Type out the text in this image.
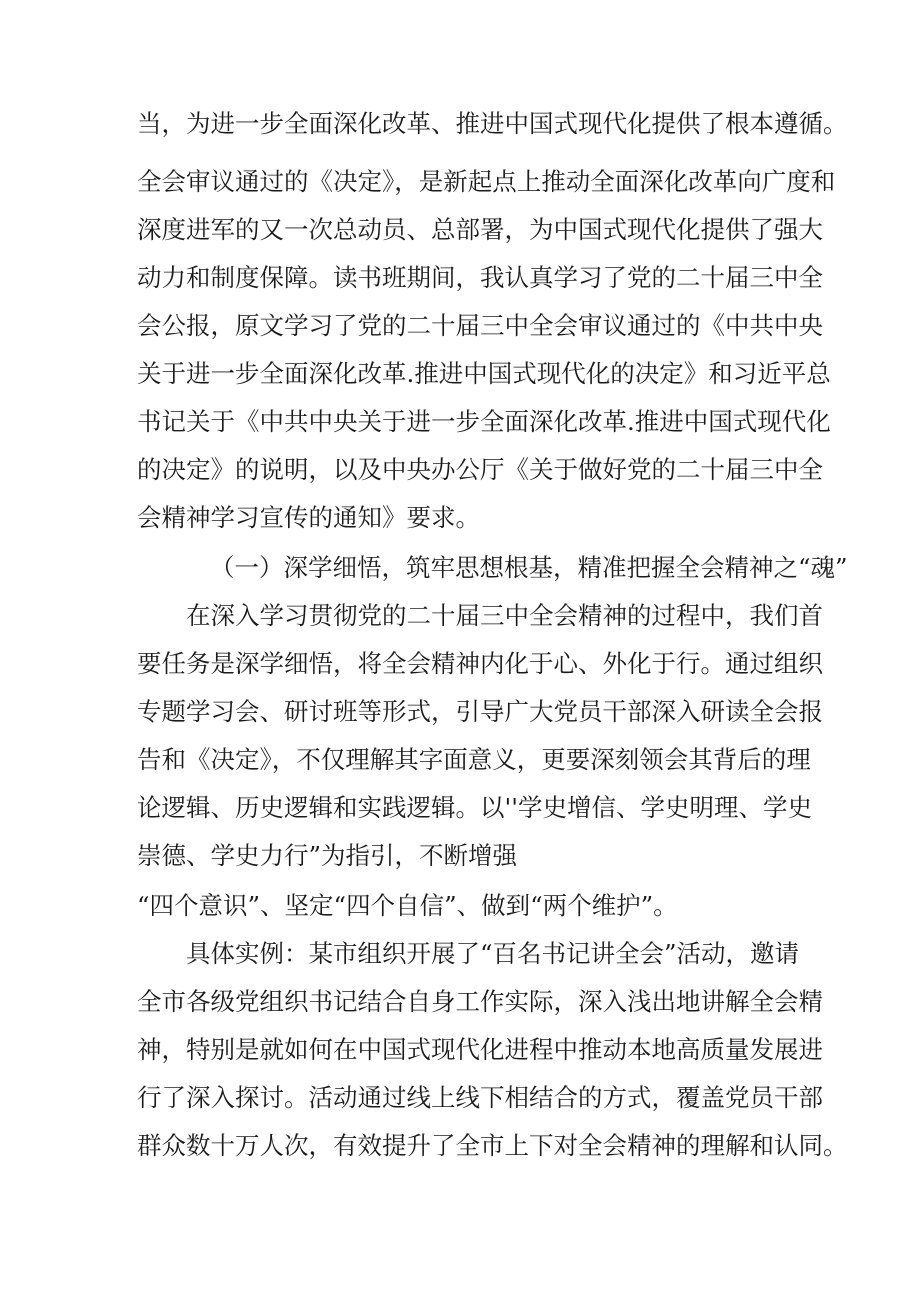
当，为进一步全面深化改革、推进中国式现代化提供了根本遵循。
全会审议通过的《决定》，是新起点上推动全面深化改革向广度和
深度进军的又一次总动员、总部署，为中国式现代化提供了强大
动力和制度保障。读书班期间，我认真学习了党的二十届三中全
会公报，原文学习了党的二十届三中全会审议通过的《中共中央
关于进一步全面深化改革.推进中国式现代化的决定》和习近平总
书记关于《中共中央关于进一步全面深化改革.推进中国式现代化
的决定》的说明，以及中央办公厅《关于做好党的二十届三中全
会精神学习宣传的通知》要求。
（一）深学细悟，筑牢思想根基，精准把握全会精神之“魂”
在深入学习贯彻党的二十届三中全会精神的过程中，我们首
要任务是深学细悟，将全会精神内化于心、外化于行。通过组织
专题学习会、研讨班等形式，引导广大党员干部深入研读全会报
告和《决定》，不仅理解其字面意义，更要深刻领会其背后的理
论逻辑、历史逻辑和实践逻辑。以''学史增信、学史明理、学史
崇德、学史力行”为指引，不断增强
“四个意识”、坚定“四个自信”、做到“两个维护”。
具体实例：某市组织开展了“百名书记讲全会”活动，邀请
全市各级党组织书记结合自身工作实际，深入浅出地讲解全会精
神，特别是就如何在中国式现代化进程中推动本地高质量发展进
行了深入探讨。活动通过线上线下相结合的方式，覆盖党员干部
群众数十万人次，有效提升了全市上下对全会精神的理解和认同。
